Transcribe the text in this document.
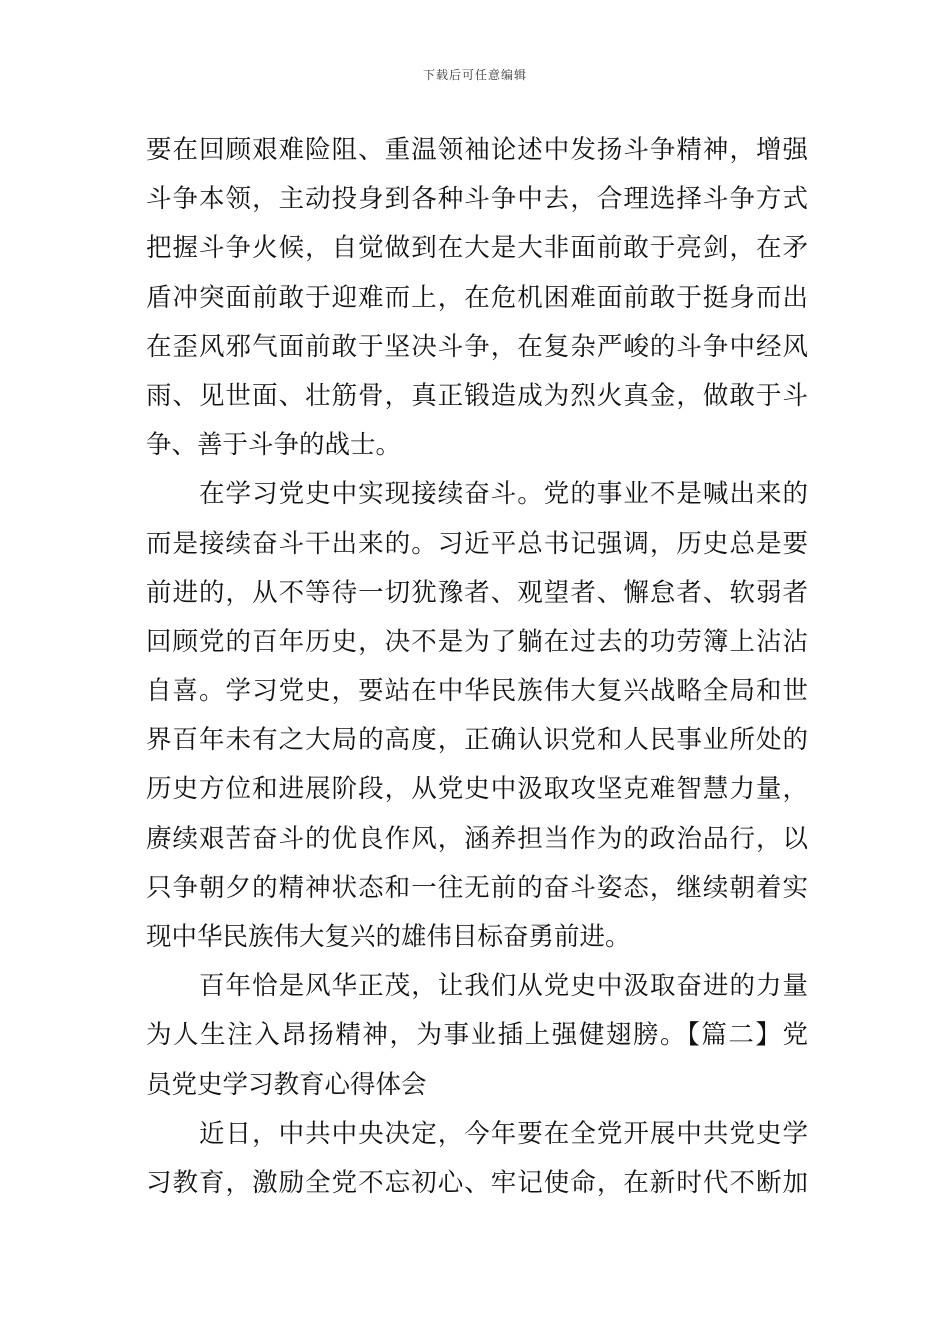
下载后可任意编辑
要在回顾艰难险阻、重温领袖论述中发扬斗争精神，增强
斗争本领，主动投身到各种斗争中去，合理选择斗争方式
把握斗争火候，自觉做到在大是大非面前敢于亮剑，在矛
盾冲突面前敢于迎难而上，在危机困难面前敢于挺身而出
在歪风邪气面前敢于坚决斗争，在复杂严峻的斗争中经风
雨、见世面、壮筋骨，真正锻造成为烈火真金，做敢于斗
争、善于斗争的战士。
　　在学习党史中实现接续奋斗。党的事业不是喊出来的
而是接续奋斗干出来的。习近平总书记强调，历史总是要
前进的，从不等待一切犹豫者、观望者、懈怠者、软弱者
回顾党的百年历史，决不是为了躺在过去的功劳簿上沾沾
自喜。学习党史，要站在中华民族伟大复兴战略全局和世
界百年未有之大局的高度，正确认识党和人民事业所处的
历史方位和进展阶段，从党史中汲取攻坚克难智慧力量，
赓续艰苦奋斗的优良作风，涵养担当作为的政治品行，以
只争朝夕的精神状态和一往无前的奋斗姿态，继续朝着实
现中华民族伟大复兴的雄伟目标奋勇前进。
　　百年恰是风华正茂，让我们从党史中汲取奋进的力量
为人生注入昂扬精神，为事业插上强健翅膀。【篇二】党
员党史学习教育心得体会
　　近日，中共中央决定，今年要在全党开展中共党史学
习教育，激励全党不忘初心、牢记使命，在新时代不断加
